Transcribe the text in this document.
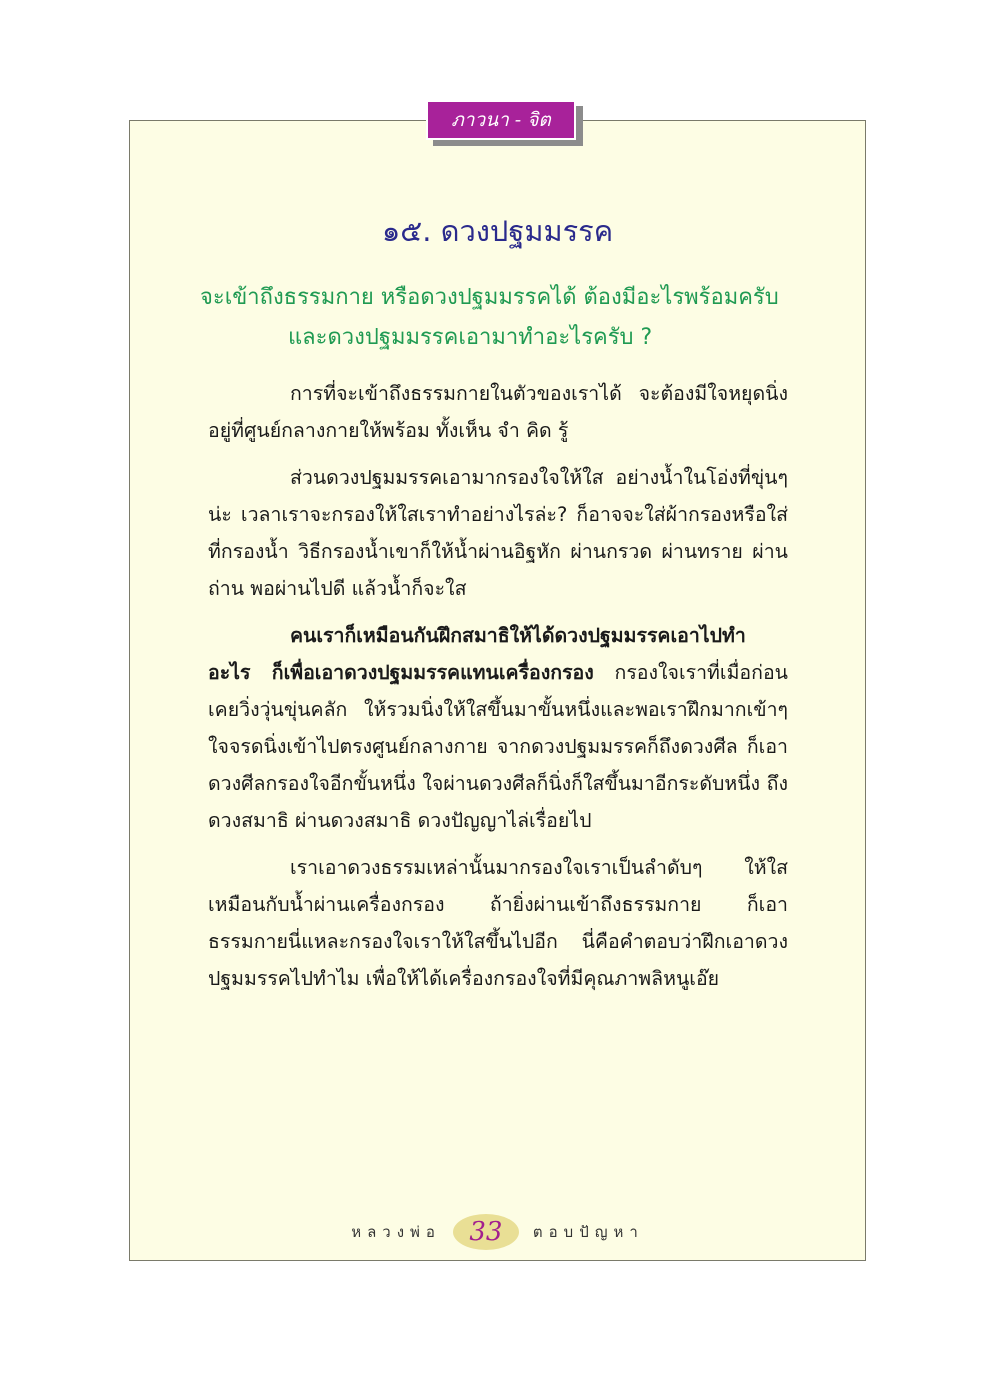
ภาวนา - จิต
๑๕. ดวงปฐมมรรค
จะเข้าถึงธรรมกาย หรือดวงปฐมมรรคได้ ต้องมีอะไรพร้อมครับ
และดวงปฐมมรรคเอามาทำอะไรครับ ?

การที่จะเข้าถึงธรรมกายในตัวของเราได้ จะต้องมีใจหยุดนิ่งอยู่ที่ศูนย์กลางกายให้พร้อม ทั้งเห็น จำ คิด รู้

ส่วนดวงปฐมมรรคเอามากรองใจให้ใส อย่างน้ำในโอ่งที่ขุ่นๆ น่ะ เวลาเราจะกรองให้ใสเราทำอย่างไรล่ะ? ก็อาจจะใส่ผ้ากรองหรือใส่ที่กรองน้ำ วิธีกรองน้ำเขาก็ให้น้ำผ่านอิฐหัก ผ่านกรวด ผ่านทราย ผ่านถ่าน พอผ่านไปดี แล้วน้ำก็จะใส

คนเราก็เหมือนกันฝึกสมาธิให้ได้ดวงปฐมมรรคเอาไปทำอะไร ก็เพื่อเอาดวงปฐมมรรคแทนเครื่องกรอง กรองใจเราที่เมื่อก่อนเคยวิ่งวุ่นขุ่นคลัก ให้รวมนิ่งให้ใสขึ้นมาขั้นหนึ่งและพอเราฝึกมากเข้าๆ ใจจรดนิ่งเข้าไปตรงศูนย์กลางกาย จากดวงปฐมมรรคก็ถึงดวงศีล ก็เอาดวงศีลกรองใจอีกขั้นหนึ่ง ใจผ่านดวงศีลก็นิ่งก็ใสขึ้นมาอีกระดับหนึ่ง ถึงดวงสมาธิ ผ่านดวงสมาธิ ดวงปัญญาไล่เรื่อยไป

เราเอาดวงธรรมเหล่านั้นมากรองใจเราเป็นลำดับๆ ให้ใสเหมือนกับน้ำผ่านเครื่องกรอง ถ้ายิ่งผ่านเข้าถึงธรรมกาย ก็เอาธรรมกายนี่แหละกรองใจเราให้ใสขึ้นไปอีก นี่คือคำตอบว่าฝึกเอาดวงปฐมมรรคไปทำไม เพื่อให้ได้เครื่องกรองใจที่มีคุณภาพลิหนูเอ๊ย

หลวงพ่อ	33	ตอบปัญหา
